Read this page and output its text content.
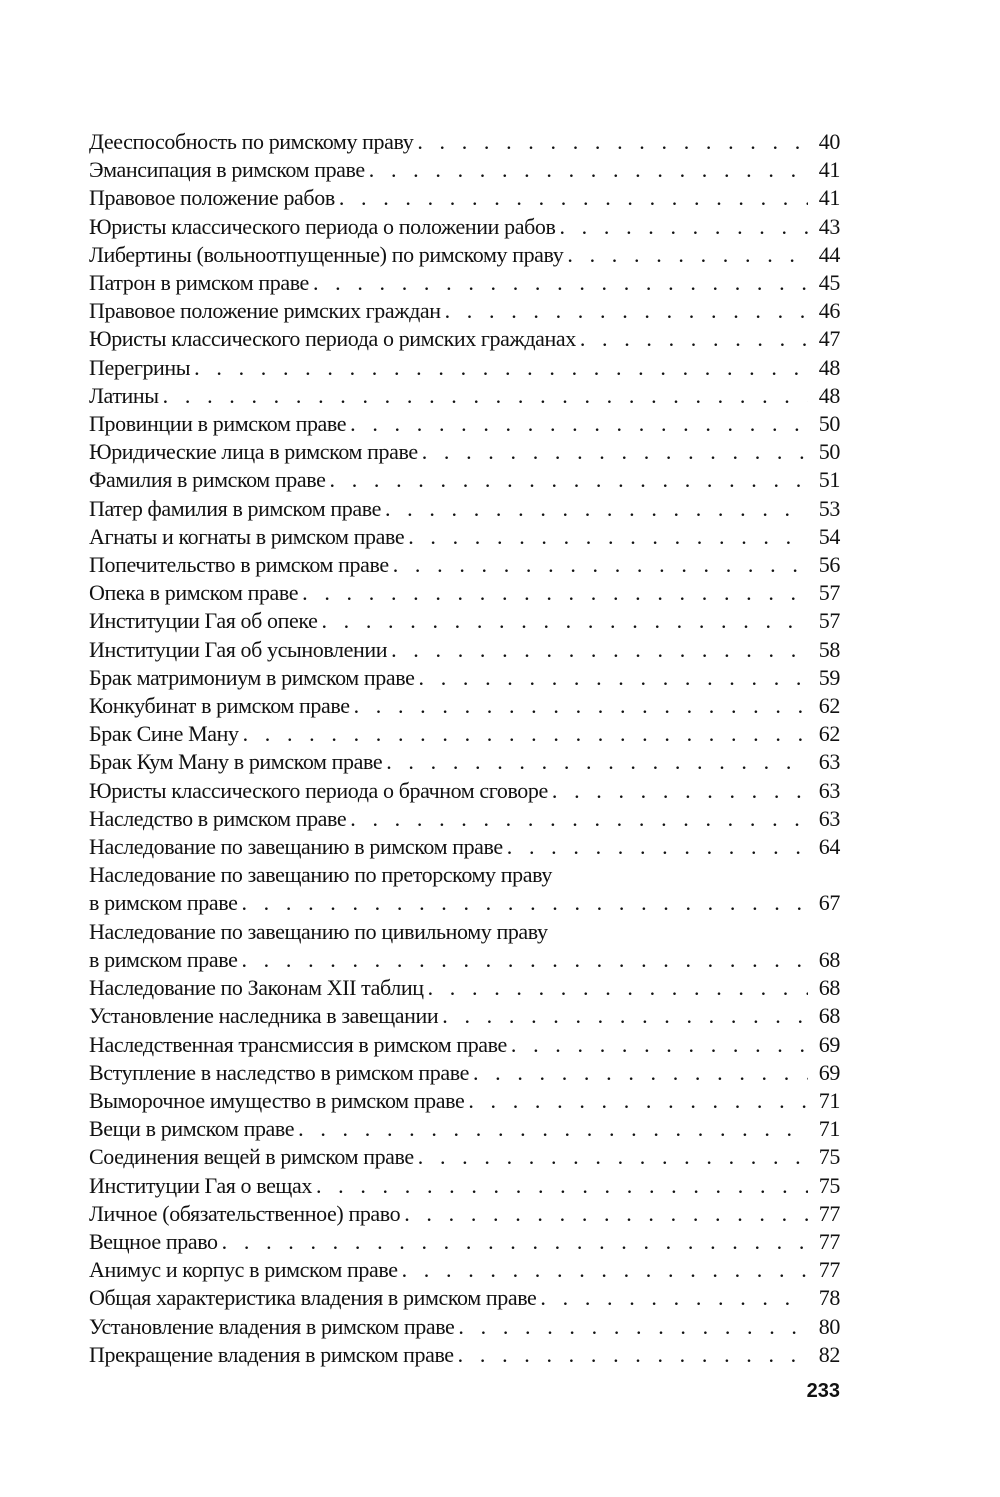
Дееспособность по римскому праву . . .	40
Эмансипация в римском праве . . .	41
Правовое положение рабов . . .	41
Юристы классического периода о положении рабов . . .	43
Либертины (вольноотпущенные) по римскому праву . . .	44
Патрон в римском праве . . .	45
Правовое положение римских граждан . . .	46
Юристы классического периода о римских гражданах . . .	47
Перегрины . . .	48
Латины . . .	48
Провинции в римском праве . . .	50
Юридические лица в римском праве . . .	50
Фамилия в римском праве . . .	51
Патер фамилия в римском праве . . .	53
Агнаты и когнаты в римском праве . . .	54
Попечительство в римском праве . . .	56
Опека в римском праве . . .	57
Институции Гая об опеке . . .	57
Институции Гая об усыновлении . . .	58
Брак матримониум в римском праве . . .	59
Конкубинат в римском праве . . .	62
Брак Сине Ману . . .	62
Брак Кум Ману в римском праве . . .	63
Юристы классического периода о брачном сговоре . . .	63
Наследство в римском праве . . .	63
Наследование по завещанию в римском праве . . .	64
Наследование по завещанию по преторскому праву
в римском праве . . .	67
Наследование по завещанию по цивильному праву
в римском праве . . .	68
Наследование по Законам XII таблиц . . .	68
Установление наследника в завещании . . .	68
Наследственная трансмиссия в римском праве . . .	69
Вступление в наследство в римском праве . . .	69
Выморочное имущество в римском праве . . .	71
Вещи в римском праве . . .	71
Соединения вещей в римском праве . . .	75
Институции Гая о вещах . . .	75
Личное (обязательственное) право . . .	77
Вещное право . . .	77
Анимус и корпус в римском праве . . .	77
Общая характеристика владения в римском праве . . .	78
Установление владения в римском праве . . .	80
Прекращение владения в римском праве . . .	82
233
